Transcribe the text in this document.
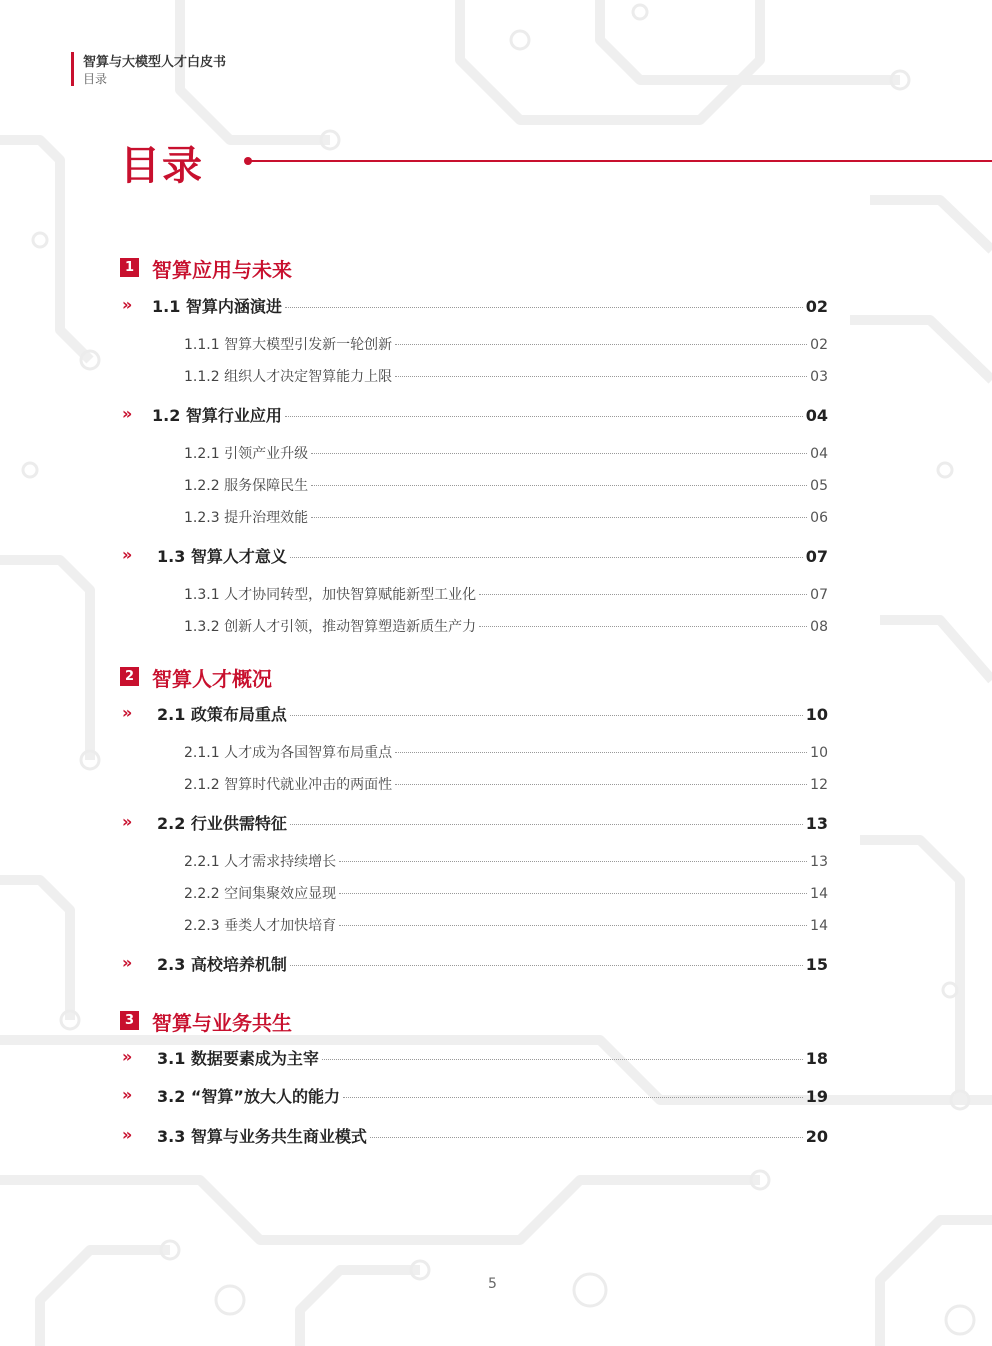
智算与大模型人才白皮书
目录
目录
1 智算应用与未来
» 1.1 智算内涵演进	02
1.1.1 智算大模型引发新一轮创新	02
1.1.2 组织人才决定智算能力上限	03
» 1.2 智算行业应用	04
1.2.1 引领产业升级	04
1.2.2 服务保障民生	05
1.2.3 提升治理效能	06
» 1.3 智算人才意义	07
1.3.1 人才协同转型，加快智算赋能新型工业化	07
1.3.2 创新人才引领，推动智算塑造新质生产力	08
2 智算人才概况
» 2.1 政策布局重点	10
2.1.1 人才成为各国智算布局重点	10
2.1.2 智算时代就业冲击的两面性	12
» 2.2 行业供需特征	13
2.2.1 人才需求持续增长	13
2.2.2 空间集聚效应显现	14
2.2.3 垂类人才加快培育	14
» 2.3 高校培养机制	15
3 智算与业务共生
» 3.1 数据要素成为主宰	18
» 3.2 “智算”放大人的能力	19
» 3.3 智算与业务共生商业模式	20
5
